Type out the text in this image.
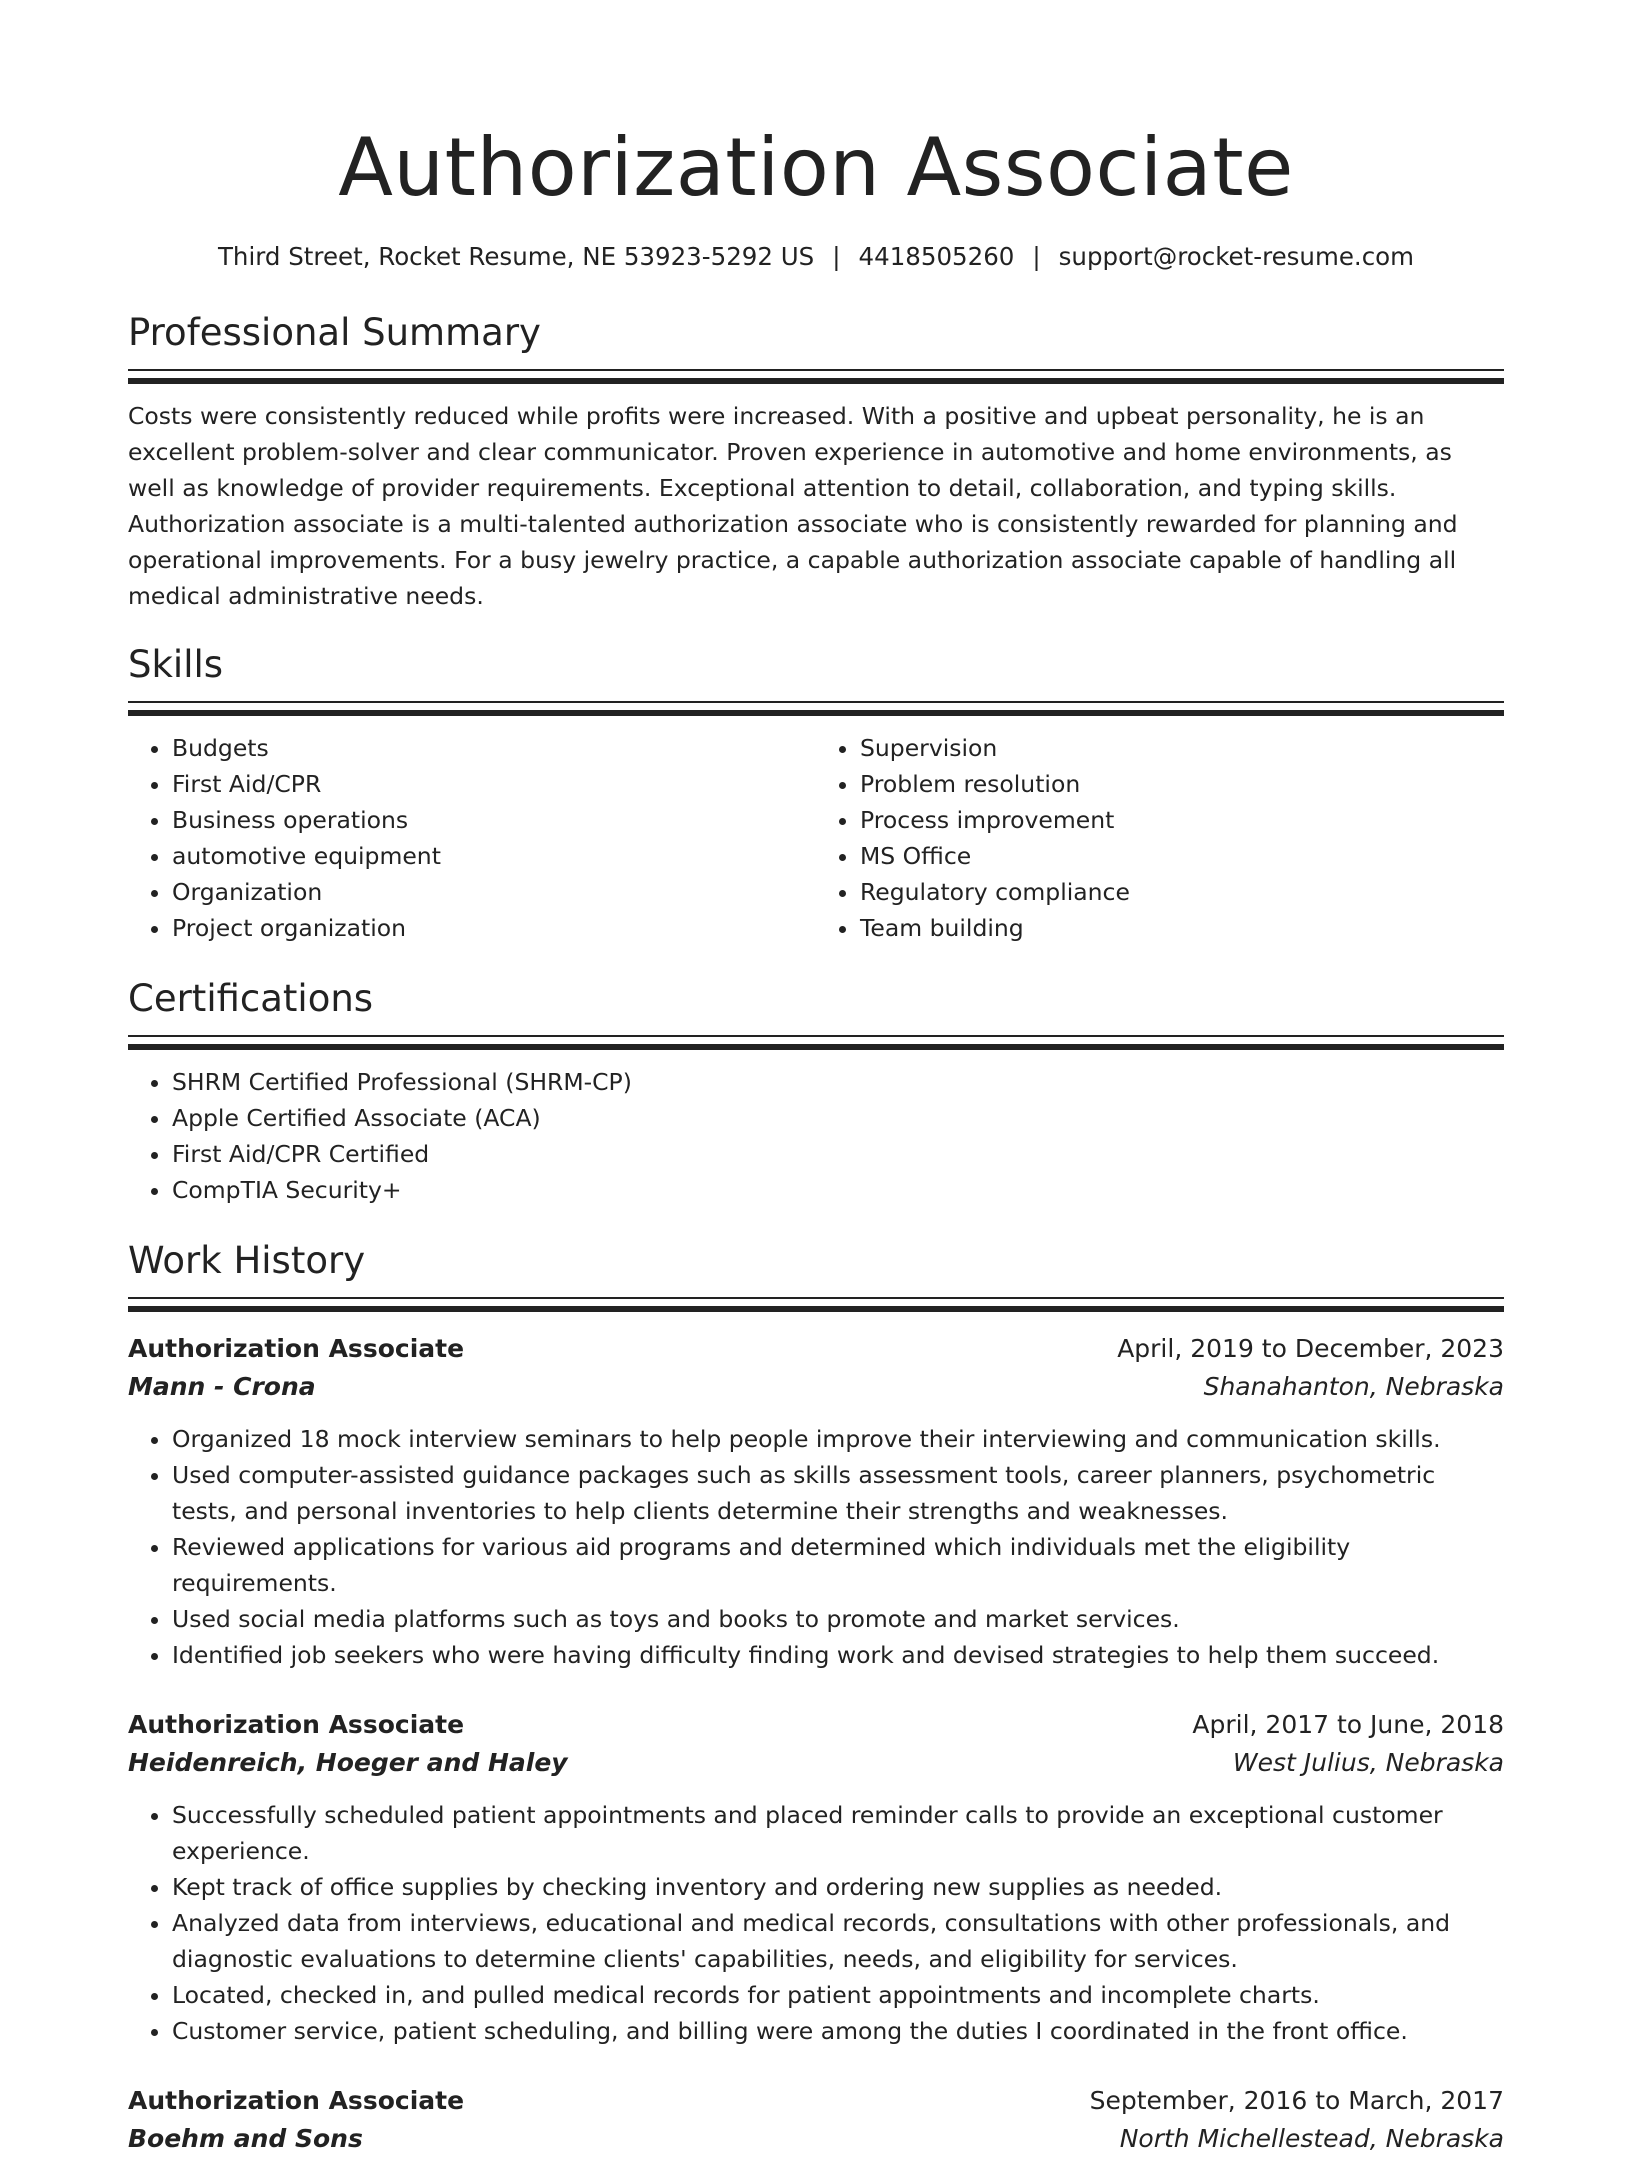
Authorization Associate
Third Street, Rocket Resume, NE 53923-5292 US | 4418505260 | support@rocket-resume.com
Professional Summary

Costs were consistently reduced while profits were increased. With a positive and upbeat personality, he is an excellent problem-solver and clear communicator. Proven experience in automotive and home environments, as well as knowledge of provider requirements. Exceptional attention to detail, collaboration, and typing skills. Authorization associate is a multi-talented authorization associate who is consistently rewarded for planning and operational improvements. For a busy jewelry practice, a capable authorization associate capable of handling all medical administrative needs.

Skills
• Budgets
• First Aid/CPR
• Business operations
• automotive equipment
• Organization
• Project organization
• Supervision
• Problem resolution
• Process improvement
• MS Office
• Regulatory compliance
• Team building
Certifications
• SHRM Certified Professional (SHRM-CP)
• Apple Certified Associate (ACA)
• First Aid/CPR Certified
• CompTIA Security+
Work History
Authorization Associate	April, 2019 to December, 2023
Mann - Crona	Shanahanton, Nebraska
• Organized 18 mock interview seminars to help people improve their interviewing and communication skills.
• Used computer-assisted guidance packages such as skills assessment tools, career planners, psychometric tests, and personal inventories to help clients determine their strengths and weaknesses.
• Reviewed applications for various aid programs and determined which individuals met the eligibility requirements.
• Used social media platforms such as toys and books to promote and market services.
• Identified job seekers who were having difficulty finding work and devised strategies to help them succeed.
Authorization Associate	April, 2017 to June, 2018
Heidenreich, Hoeger and Haley	West Julius, Nebraska
• Successfully scheduled patient appointments and placed reminder calls to provide an exceptional customer experience.
• Kept track of office supplies by checking inventory and ordering new supplies as needed.
• Analyzed data from interviews, educational and medical records, consultations with other professionals, and diagnostic evaluations to determine clients' capabilities, needs, and eligibility for services.
• Located, checked in, and pulled medical records for patient appointments and incomplete charts.
• Customer service, patient scheduling, and billing were among the duties I coordinated in the front office.
Authorization Associate	September, 2016 to March, 2017
Boehm and Sons	North Michellestead, Nebraska
